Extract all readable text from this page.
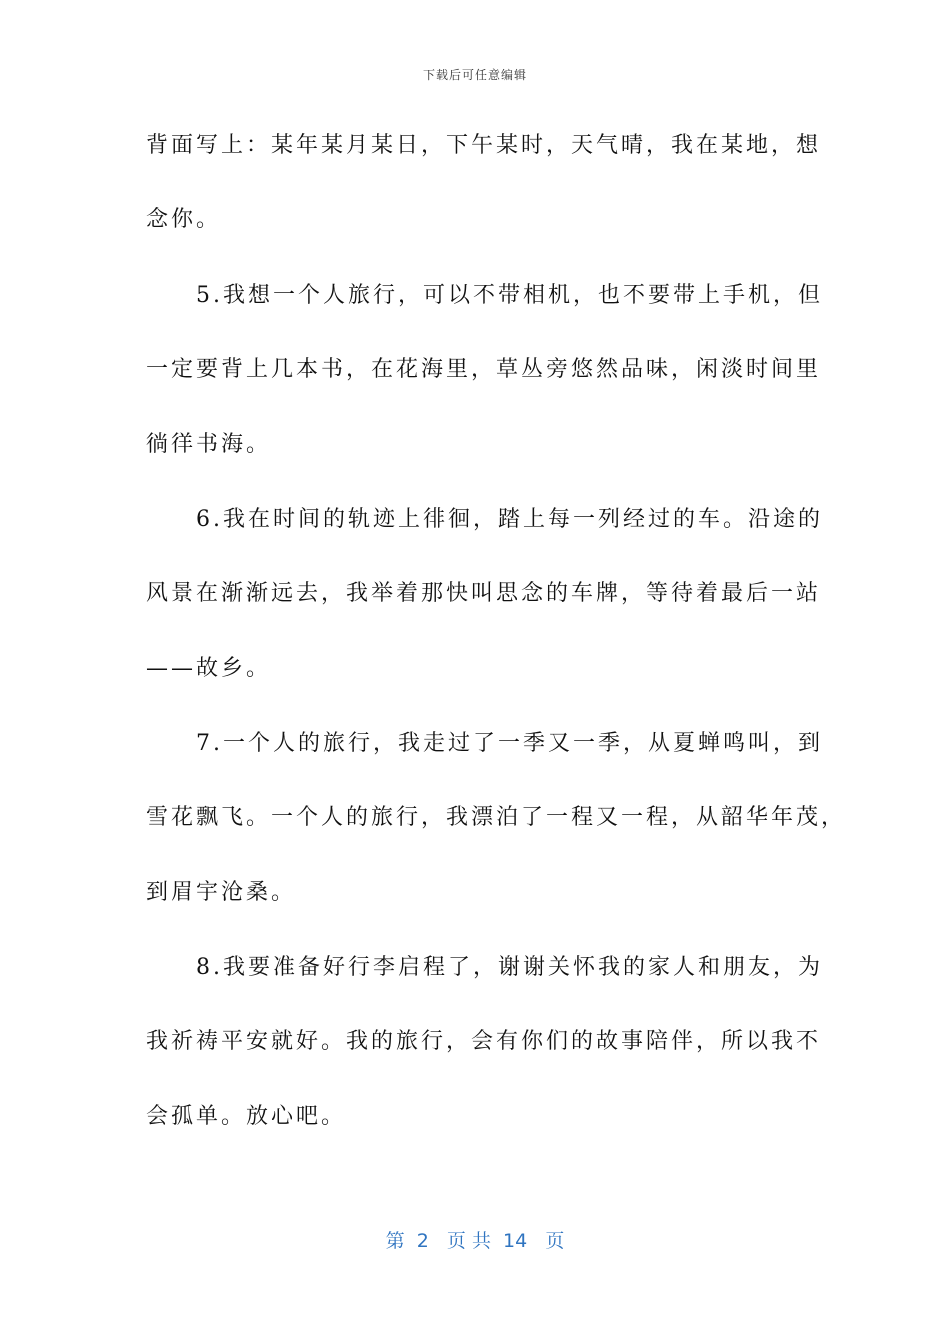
下载后可任意编辑
背面写上：某年某月某日，下午某时，天气晴，我在某地，想
念你。
　　5.我想一个人旅行，可以不带相机，也不要带上手机，但
一定要背上几本书，在花海里，草丛旁悠然品味，闲淡时间里
徜徉书海。
　　6.我在时间的轨迹上徘徊，踏上每一列经过的车。沿途的
风景在渐渐远去，我举着那快叫思念的车牌，等待着最后一站
——故乡。
　　7.一个人的旅行，我走过了一季又一季，从夏蝉鸣叫，到
雪花飘飞。一个人的旅行，我漂泊了一程又一程，从韶华年茂，
到眉宇沧桑。
　　8.我要准备好行李启程了，谢谢关怀我的家人和朋友，为
我祈祷平安就好。我的旅行，会有你们的故事陪伴，所以我不
会孤单。放心吧。
第  2   页 共  14   页
